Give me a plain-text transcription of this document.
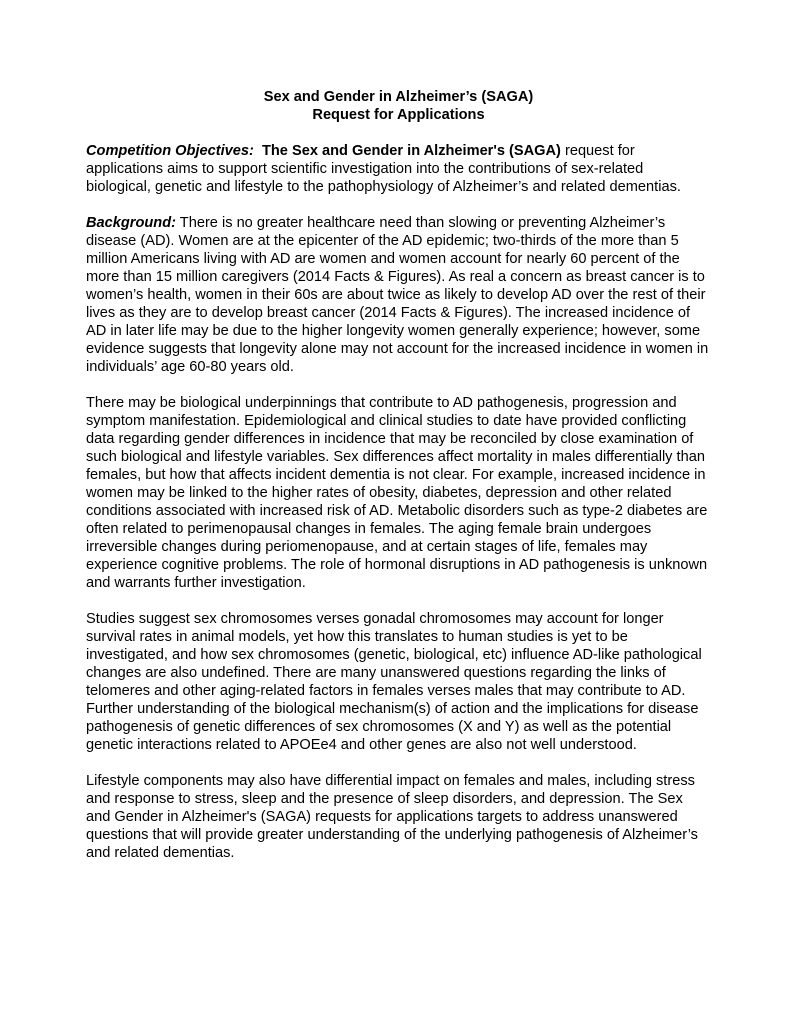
Sex and Gender in Alzheimer’s (SAGA)
Request for Applications

Competition Objectives: The Sex and Gender in Alzheimer's (SAGA) request for applications aims to support scientific investigation into the contributions of sex-related biological, genetic and lifestyle to the pathophysiology of Alzheimer’s and related dementias.

Background: There is no greater healthcare need than slowing or preventing Alzheimer’s disease (AD). Women are at the epicenter of the AD epidemic; two-thirds of the more than 5 million Americans living with AD are women and women account for nearly 60 percent of the more than 15 million caregivers (2014 Facts & Figures). As real a concern as breast cancer is to women’s health, women in their 60s are about twice as likely to develop AD over the rest of their lives as they are to develop breast cancer (2014 Facts & Figures). The increased incidence of AD in later life may be due to the higher longevity women generally experience; however, some evidence suggests that longevity alone may not account for the increased incidence in women in individuals’ age 60-80 years old.

There may be biological underpinnings that contribute to AD pathogenesis, progression and symptom manifestation. Epidemiological and clinical studies to date have provided conflicting data regarding gender differences in incidence that may be reconciled by close examination of such biological and lifestyle variables. Sex differences affect mortality in males differentially than females, but how that affects incident dementia is not clear. For example, increased incidence in women may be linked to the higher rates of obesity, diabetes, depression and other related conditions associated with increased risk of AD. Metabolic disorders such as type-2 diabetes are often related to perimenopausal changes in females. The aging female brain undergoes irreversible changes during periomenopause, and at certain stages of life, females may experience cognitive problems. The role of hormonal disruptions in AD pathogenesis is unknown and warrants further investigation.

Studies suggest sex chromosomes verses gonadal chromosomes may account for longer survival rates in animal models, yet how this translates to human studies is yet to be investigated, and how sex chromosomes (genetic, biological, etc) influence AD-like pathological changes are also undefined. There are many unanswered questions regarding the links of telomeres and other aging-related factors in females verses males that may contribute to AD. Further understanding of the biological mechanism(s) of action and the implications for disease pathogenesis of genetic differences of sex chromosomes (X and Y) as well as the potential genetic interactions related to APOEe4 and other genes are also not well understood.

Lifestyle components may also have differential impact on females and males, including stress and response to stress, sleep and the presence of sleep disorders, and depression. The Sex and Gender in Alzheimer's (SAGA) requests for applications targets to address unanswered questions that will provide greater understanding of the underlying pathogenesis of Alzheimer’s and related dementias.
